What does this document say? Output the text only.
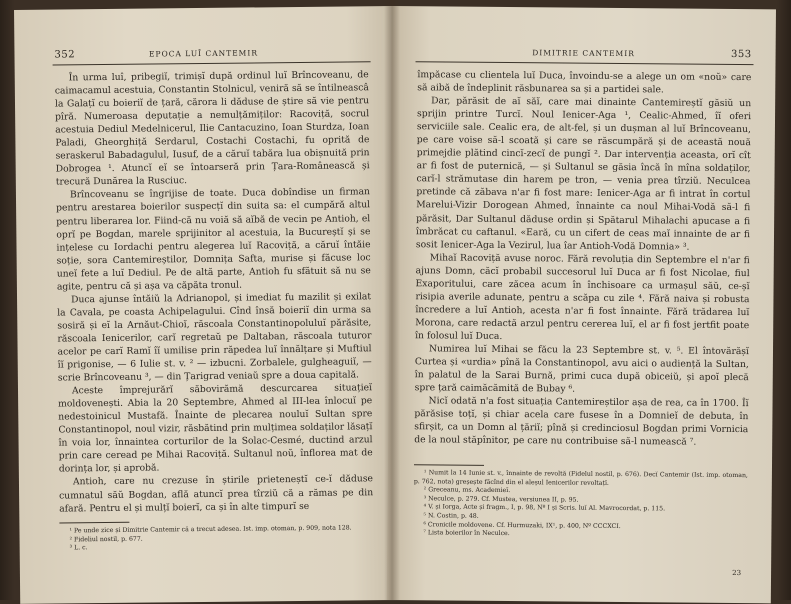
352	EPOCA LUÎ CANTEMIR

În urma luî, pribegiĭ, trimișĭ după ordinul luĭ Brîncoveanu, de caimacamul acestuia, Constantin Stolnicul, veniră să se întilneascâ la Galațĭ cu boieriĭ de țară, cărora li dăduse de știre să vie pentru pîră. Numeroasa deputație a nemulțămițilorː Racoviță, socrul acestuia Dediul Medelnicerul, Ilie Cantacuzino, Ioan Sturdza, Ioan Paladi, Gheorghiță Serdarul, Costachi Costachi, fu oprită de seraskerul Babadagulul, Iusuf, de a căruĭ tabăra lua obișnuită prin Dobrogea ¹. Atuncĭ eĭ se întoarseră prin Țara-Românească și trecură Dunărea la Rusciuc.

Brîncoveanu se îngrijise de toate. Duca dobîndise un firman pentru arestarea boierilor suspecțĭ din suita sa: el cumpără altul pentru liberarea lor. Fiind-că nu voiă să aĭbă de vecin pe Antioh, el oprĭ pe Bogdan, marele sprijinitor al acestuia, la Bucureștĭ și se ințelese cu Iordachi pentru alegerea luĭ Racoviță, a căruĭ întăie soție, sora Cantemireștilor, Domnița Safta, murise și făcuse loc uneĭ fete a luĭ Dediul. Pe de altă parte, Antioh fu sfătuit să nu se agite, pentru că și așa va căpăta tronul.

Duca ajunse întăiŭ la Adrianopol, și imediat fu mazilit și exilat la Cavala, pe coasta Achipelagului. Cînd însă boieriĭ din urma sa sosiră și eĭ la Arnăut-Chioĭ, răscoala Constantinopoluluĭ părăsite, răscoala Ienicerilor, carĭ regretaŭ pe Daltaban, răscoala tuturor acelor pe carĭ Ramĭ îĭ umilise prin răpedea luĭ înnălțare și Muftiul îĭ prigonise, — 6 Iulie st. v. ² — izbucni. Zorbalele, gulgheaguiĭ, — scrie Brîncoveanu ³, — din Țarigrad veniaŭ spre a doua capitală.

Aceste împrejurărĭ săbovirămă descurcarea situațieĭ moldovenești. Abia la 20 Septembre, Ahmed al III-lea înlocuĭ pe nedestoinicul Mustafă. Înainte de plecarea nouluĭ Sultan spre Constantinopol, noul vizir, răsbătind prin mulțimea soldaților lăsațĭ în voia lor, înnaintea corturilor de la Solac-Cesmé, ductind arzul prin care ceread pe Mihai Racoviță. Sultanul noŭ, înflorea mat de dorința lor, și aprobă.

Antioh, care nu crezuse în știrile prieteneștĭ ce-ĭ dăduse cumnatul săŭ Bogdan, află atuncĭ prea tîrziŭ că a rămas pe din afară. Pentru el și mulțĭ boierĭ, ca și în alte timpurĭ se

¹ Pe unde zice și Dimitrie Cantemir că a trecut adesea. Ist. imp. otoman, p. 909, nota 128.
² Fideliul nostil, p. 677.
³ L. c.
DIMITRIE CANTEMIR	353

împăcase cu clientela luĭ Duca, învoindu-se a alege un om «noŭ» care să aibă de îndeplinit răsbunarea sa și a partidei sale.

Dar, părăsit de aĭ săĭ, care mai dinainte Cantemireștĭ găsiŭ un sprijin printre Turcĭ. Noul Ienicer-Aga ¹, Cealic-Ahmed, îĭ oferi serviciile sale. Cealic era, de alt-fel, și un dușman al luĭ Brîncoveanu, pe care voise să-l scoată și care se răscumpără și de această nouă primejdie plătind cincĭ-zecĭ de pungĭ ². Dar intervenția aceasta, orĭ cît ar fi fost de puternică, — și Sultanul se găsia încă în mîna soldaților, carĭ-l strămutase din harem pe tron, — venia prea tîrziŭ. Neculcea pretinde că zăbava n'ar fi fost mare: Ienicer-Aga ar fi intrat în cortul Marelui-Vizir Dorogean Ahmed, înnainte ca noul Mihai-Vodă să-l fi părăsit, Dar Sultanul dăduse ordin și Spătarul Mihalachi apucase a fi îmbrăcat cu caftanul. «Eară, cu un cifert de ceas maĭ innainte de ar fi sosit Ienicer-Aga la Vezirul, lua îar Antioh-Vodă Domnia» ³.

Mihaĭ Racoviță avuse noroc. Fără revoluția din Septembre el n'ar fi ajuns Domn, căcĭ probabil succesorul luĭ Duca ar fi fost Nicolae, fiul Exaporitului, care zăcea acum în închisoare ca urmașul săŭ, ce-șĭ risipia averile adunate, pentru a scăpa cu zile ⁴. Fără naiva și robusta încredere a luĭ Antioh, acesta n'ar fi fost înnainte. Fără trădarea luĭ Morona, care redactă arzul pentru cererea luĭ, el ar fi fost jertfit poate în folosul luĭ Duca.

Numirea luĭ Mihai se făcu la 23 Septembre st. v. ⁵. El întovărășĭ Curtea și «urdia» pînă la Constantinopol, avu aici o audiență la Sultan, în palatul de la Sarai Burnă, primi cuca după obiceiŭ, și apoĭ plecă spre țară caimăcămită de Bubay ⁶.

Nicĭ odată n'a fost situația Cantemireștilor așa de rea, ca în 1700. Îĭ părăsise toțĭ, și chiar acela care fusese în a Domnieĭ de debuta, în sfirșit, ca un Domn al țăriĭ; pînă și credinciosul Bogdan primi Vornicia de la noul stăpînitor, pe care nu contribuise să-l numească ⁷.

¹ Numit la 14 Iunie st. v., înnainte de revoltă (Fidelul nostil, p. 676). Decĭ Cantemir (Ist. imp. otoman, p. 762, nota) greșește făcînd din el aleșul Ienicerilor revoltațĭ.
² Greceanu, ms. Academieĭ.
³ Neculce, p. 279. Cf. Mustea, versiunea II, p. 95.
⁴ V. și Iorga, Acte și fragm., I, p. 98, Nº I și Scris. luĭ Al. Mavrocordat, p. 115.
⁵ N. Costin, p. 48.
⁶ Cronicile moldovene. Cf. Hurmuzaki, IX¹, p. 400, Nº CCCXCI.
⁷ Lista boierilor în Neculce.
23
